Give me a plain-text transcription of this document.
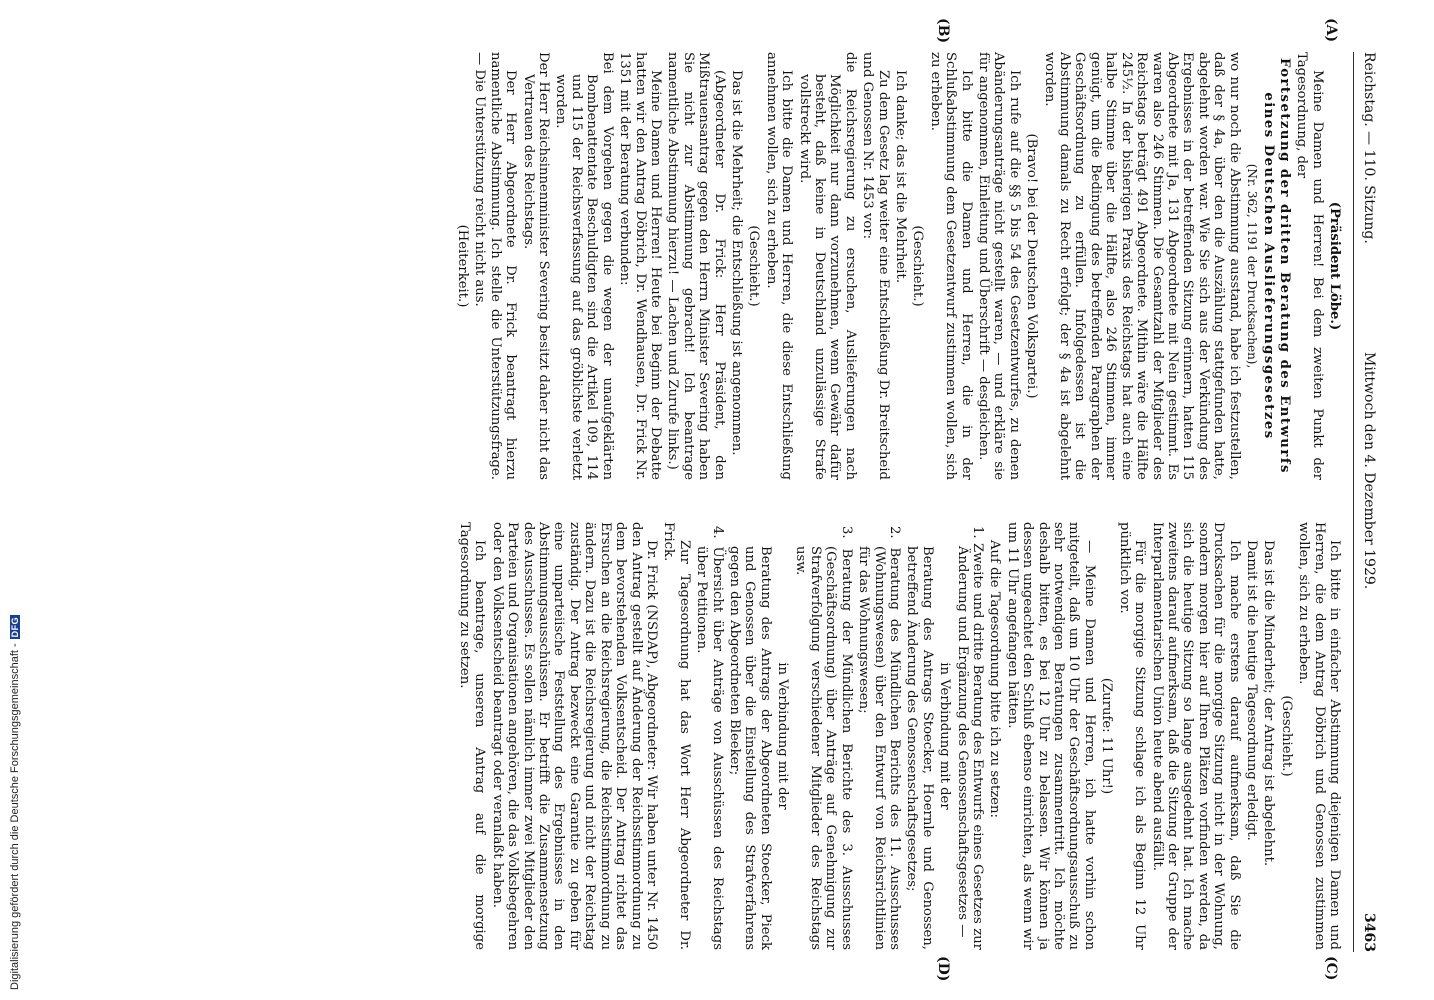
Digitalisierung gefördert durch die Deutsche Forschungsgemeinschaft -
DFG
Reichstag. — 110. Sitzung.
Mittwoch den 4. Dezember 1929.
3463
(A)
(B)
(C)
(D)

(Präsident Löbe.)

Meine Damen und Herren! Bei dem zweiten Punkt der Tagesordnung, der

Fortsetzung der dritten Beratung des Entwurfs eines Deutschen Auslieferungsgesetzes

(Nr. 362, 1191 der Drucksachen),

wo nur noch die Abstimmung ausstand, habe ich festzustellen, daß der § 4a, über den die Auszählung stattgefunden hatte, abgelehnt worden war. Wie Sie sich aus der Verkündung des Ergebnisses in der betreffenden Sitzung erinnern, hatten 115 Abgeordnete mit Ja, 131 Abgeordnete mit Nein gestimmt. Es waren also 246 Stimmen. Die Gesamtzahl der Mitglieder des Reichstags beträgt 491 Abgeordnete. Mithin wäre die Hälfte 245½. In der bisherigen Praxis des Reichstags hat auch eine halbe Stimme über die Hälfte, also 246 Stimmen, immer genügt, um die Bedingung des betreffenden Paragraphen der Geschäftsordnung zu erfüllen. Infolgedessen ist die Abstimmung damals zu Recht erfolgt; der § 4a ist abgelehnt worden.

(Bravo! bei der Deutschen Volkspartei.)

Ich rufe auf die §§ 5 bis 54 des Gesetzentwurfes, zu denen Abänderungsanträge nicht gestellt waren, — und erkläre sie für angenommen, Einleitung und Überschrift — desgleichen.

Ich bitte die Damen und Herren, die in der Schlußabstimmung dem Gesetzentwurf zustimmen wollen, sich zu erheben.

(Geschieht.)

Ich danke; das ist die Mehrheit.

Zu dem Gesetz lag weiter eine Entschließung Dr. Breitscheid und Genossen Nr. 1453 vor:

die Reichsregierung zu ersuchen, Auslieferungen nach Möglichkeit nur dann vorzunehmen, wenn Gewähr dafür besteht, daß keine in Deutschland unzulässige Strafe vollstreckt wird.

Ich bitte die Damen und Herren, die diese Entschließung annehmen wollen, sich zu erheben.

(Geschieht.)

Das ist die Mehrheit; die Entschließung ist angenommen.

(Abgeordneter Dr. Frick: Herr Präsident, den Mißtrauensantrag gegen den Herrn Minister Severing haben Sie nicht zur Abstimmung gebracht! Ich beantrage namentliche Abstimmung hierzu! — Lachen und Zurufe links.)

Meine Damen und Herren! Heute bei Beginn der Debatte hatten wir den Antrag Döbrich, Dr. Wendhausen, Dr. Frick Nr. 1351 mit der Beratung verbunden:

Bei dem Vorgehen gegen die wegen der unaufgeklärten Bombenattentate Beschuldigten sind die Artikel 109, 114 und 115 der Reichsverfassung auf das gröblichste verletzt worden.

Der Herr Reichsinnenminister Severing besitzt daher nicht das Vertrauen des Reichstags.

Der Herr Abgeordnete Dr. Frick beantragt hierzu namentliche Abstimmung. Ich stelle die Unterstützungsfrage. — Die Unterstützung reicht nicht aus.

(Heiterkeit.)

Ich bitte in einfacher Abstimmung diejenigen Damen und Herren, die dem Antrag Döbrich und Genossen zustimmen wollen, sich zu erheben.

(Geschieht.)

Das ist die Minderheit; der Antrag ist abgelehnt.

Damit ist die heutige Tagesordnung erledigt.

Ich mache erstens darauf aufmerksam, daß Sie die Drucksachen für die morgige Sitzung nicht in der Wohnung, sondern morgen hier auf Ihren Plätzen vorfinden werden, da sich die heutige Sitzung so lange ausgedehnt hat. Ich mache zweitens darauf aufmerksam, daß die Sitzung der Gruppe der Interparlamentarischen Union heute abend ausfällt.

Für die morgige Sitzung schlage ich als Beginn 12 Uhr pünktlich vor.

(Zurufe: 11 Uhr!)

— Meine Damen und Herren, ich hatte vorhin schon mitgeteilt, daß um 10 Uhr der Geschäftsordnungsausschuß zu sehr notwendigen Beratungen zusammentritt. Ich möchte deshalb bitten, es bei 12 Uhr zu belassen. Wir können ja dessen ungeachtet den Schluß ebenso einrichten, als wenn wir um 11 Uhr angefangen hätten.

Auf die Tagesordnung bitte ich zu setzen:

1. Zweite und dritte Beratung des Entwurfs eines Gesetzes zur Änderung und Ergänzung des Genossenschaftsgesetzes —

in Verbindung mit der

Beratung des Antrags Stoecker, Hoernle und Genossen, betreffend Änderung des Genossenschaftsgesetzes;

2. Beratung des Mündlichen Berichts des 11. Ausschusses (Wohnungswesen) über den Entwurf von Reichsrichtlinien für das Wohnungswesen;

3. Beratung der Mündlichen Berichte des 3. Ausschusses (Geschäftsordnung) über Anträge auf Genehmigung zur Strafverfolgung verschiedener Mitglieder des Reichstags usw.

in Verbindung mit der

Beratung des Antrags der Abgeordneten Stoecker, Pieck und Genossen über die Einstellung des Strafverfahrens gegen den Abgeordneten Bleeker;

4. Übersicht über Anträge von Ausschüssen des Reichstags über Petitionen.

Zur Tagesordnung hat das Wort Herr Abgeordneter Dr. Frick.

Dr. Frick (NSDAP), Abgeordneter: Wir haben unter Nr. 1450 den Antrag gestellt auf Änderung der Reichsstimmordnung zu dem bevorstehenden Volksentscheid. Der Antrag richtet das Ersuchen an die Reichsregierung, die Reichsstimmordnung zu ändern. Dazu ist die Reichsregierung und nicht der Reichstag zuständig. Der Antrag bezweckt eine Garantie zu geben für eine unparteiische Feststellung des Ergebnisses in den Abstimmungsausschüssen. Er betrifft die Zusammensetzung des Ausschusses. Es sollen nämlich immer zwei Mitglieder den Parteien und Organisationen angehören, die das Volksbegehren oder den Volksentscheid beantragt oder veranlaßt haben.

Ich beantrage, unseren Antrag auf die morgige Tagesordnung zu setzen.
